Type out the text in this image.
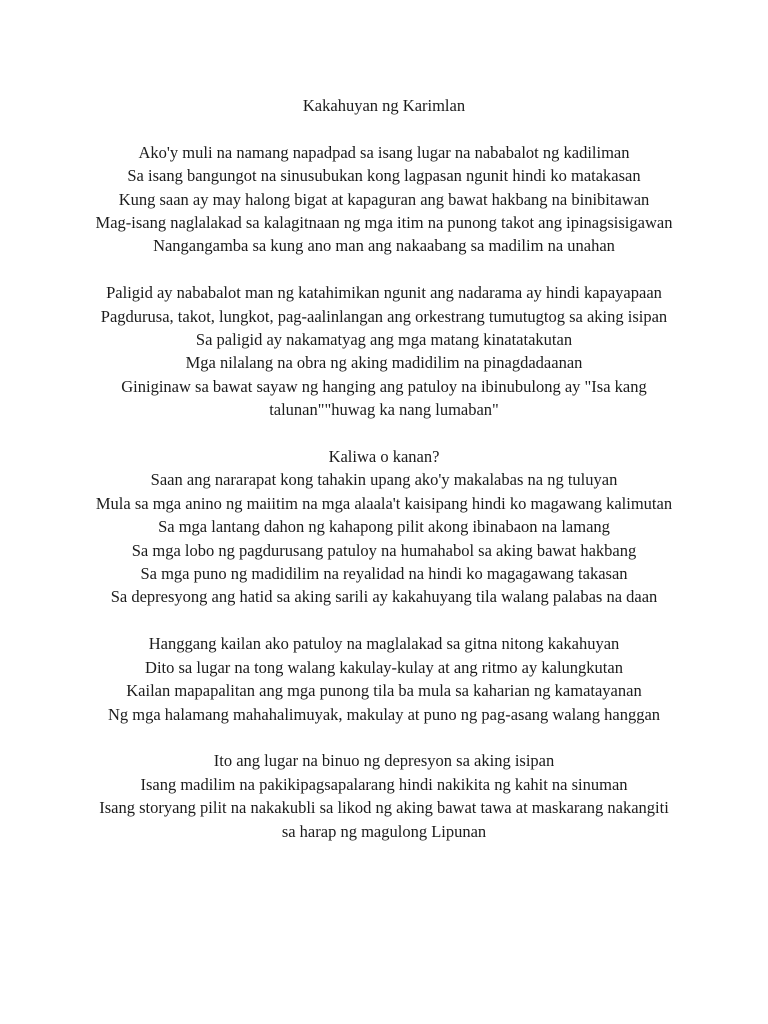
Kakahuyan ng Karimlan
Ako'y muli na namang napadpad sa isang lugar na nababalot ng kadiliman
Sa isang bangungot na sinusubukan kong lagpasan ngunit hindi ko matakasan
Kung saan ay may halong bigat at kapaguran ang bawat hakbang na binibitawan
Mag-isang naglalakad sa kalagitnaan ng mga itim na punong takot ang ipinagsisigawan
Nangangamba sa kung ano man ang nakaabang sa madilim na unahan
Paligid ay nababalot man ng katahimikan ngunit ang nadarama ay hindi kapayapaan
Pagdurusa, takot, lungkot, pag-aalinlangan ang orkestrang tumutugtog sa aking isipan
Sa paligid ay nakamatyag ang mga matang kinatatakutan
Mga nilalang na obra ng aking madidilim na pinagdadaanan
Giniginaw sa bawat sayaw ng hanging ang patuloy na ibinubulong ay "Isa kang
talunan""huwag ka nang lumaban"
Kaliwa o kanan?
Saan ang nararapat kong tahakin upang ako'y makalabas na ng tuluyan
Mula sa mga anino ng maiitim na mga alaala't kaisipang hindi ko magawang kalimutan
Sa mga lantang dahon ng kahapong pilit akong ibinabaon na lamang
Sa mga lobo ng pagdurusang patuloy na humahabol sa aking bawat hakbang
Sa mga puno ng madidilim na reyalidad na hindi ko magagawang takasan
Sa depresyong ang hatid sa aking sarili ay kakahuyang tila walang palabas na daan
Hanggang kailan ako patuloy na maglalakad sa gitna nitong kakahuyan
Dito sa lugar na tong walang kakulay-kulay at ang ritmo ay kalungkutan
Kailan mapapalitan ang mga punong tila ba mula sa kaharian ng kamatayanan
Ng mga halamang mahahalimuyak, makulay at puno ng pag-asang walang hanggan
Ito ang lugar na binuo ng depresyon sa aking isipan
Isang madilim na pakikipagsapalarang hindi nakikita ng kahit na sinuman
Isang storyang pilit na nakakubli sa likod ng aking bawat tawa at maskarang nakangiti
sa harap ng magulong Lipunan
